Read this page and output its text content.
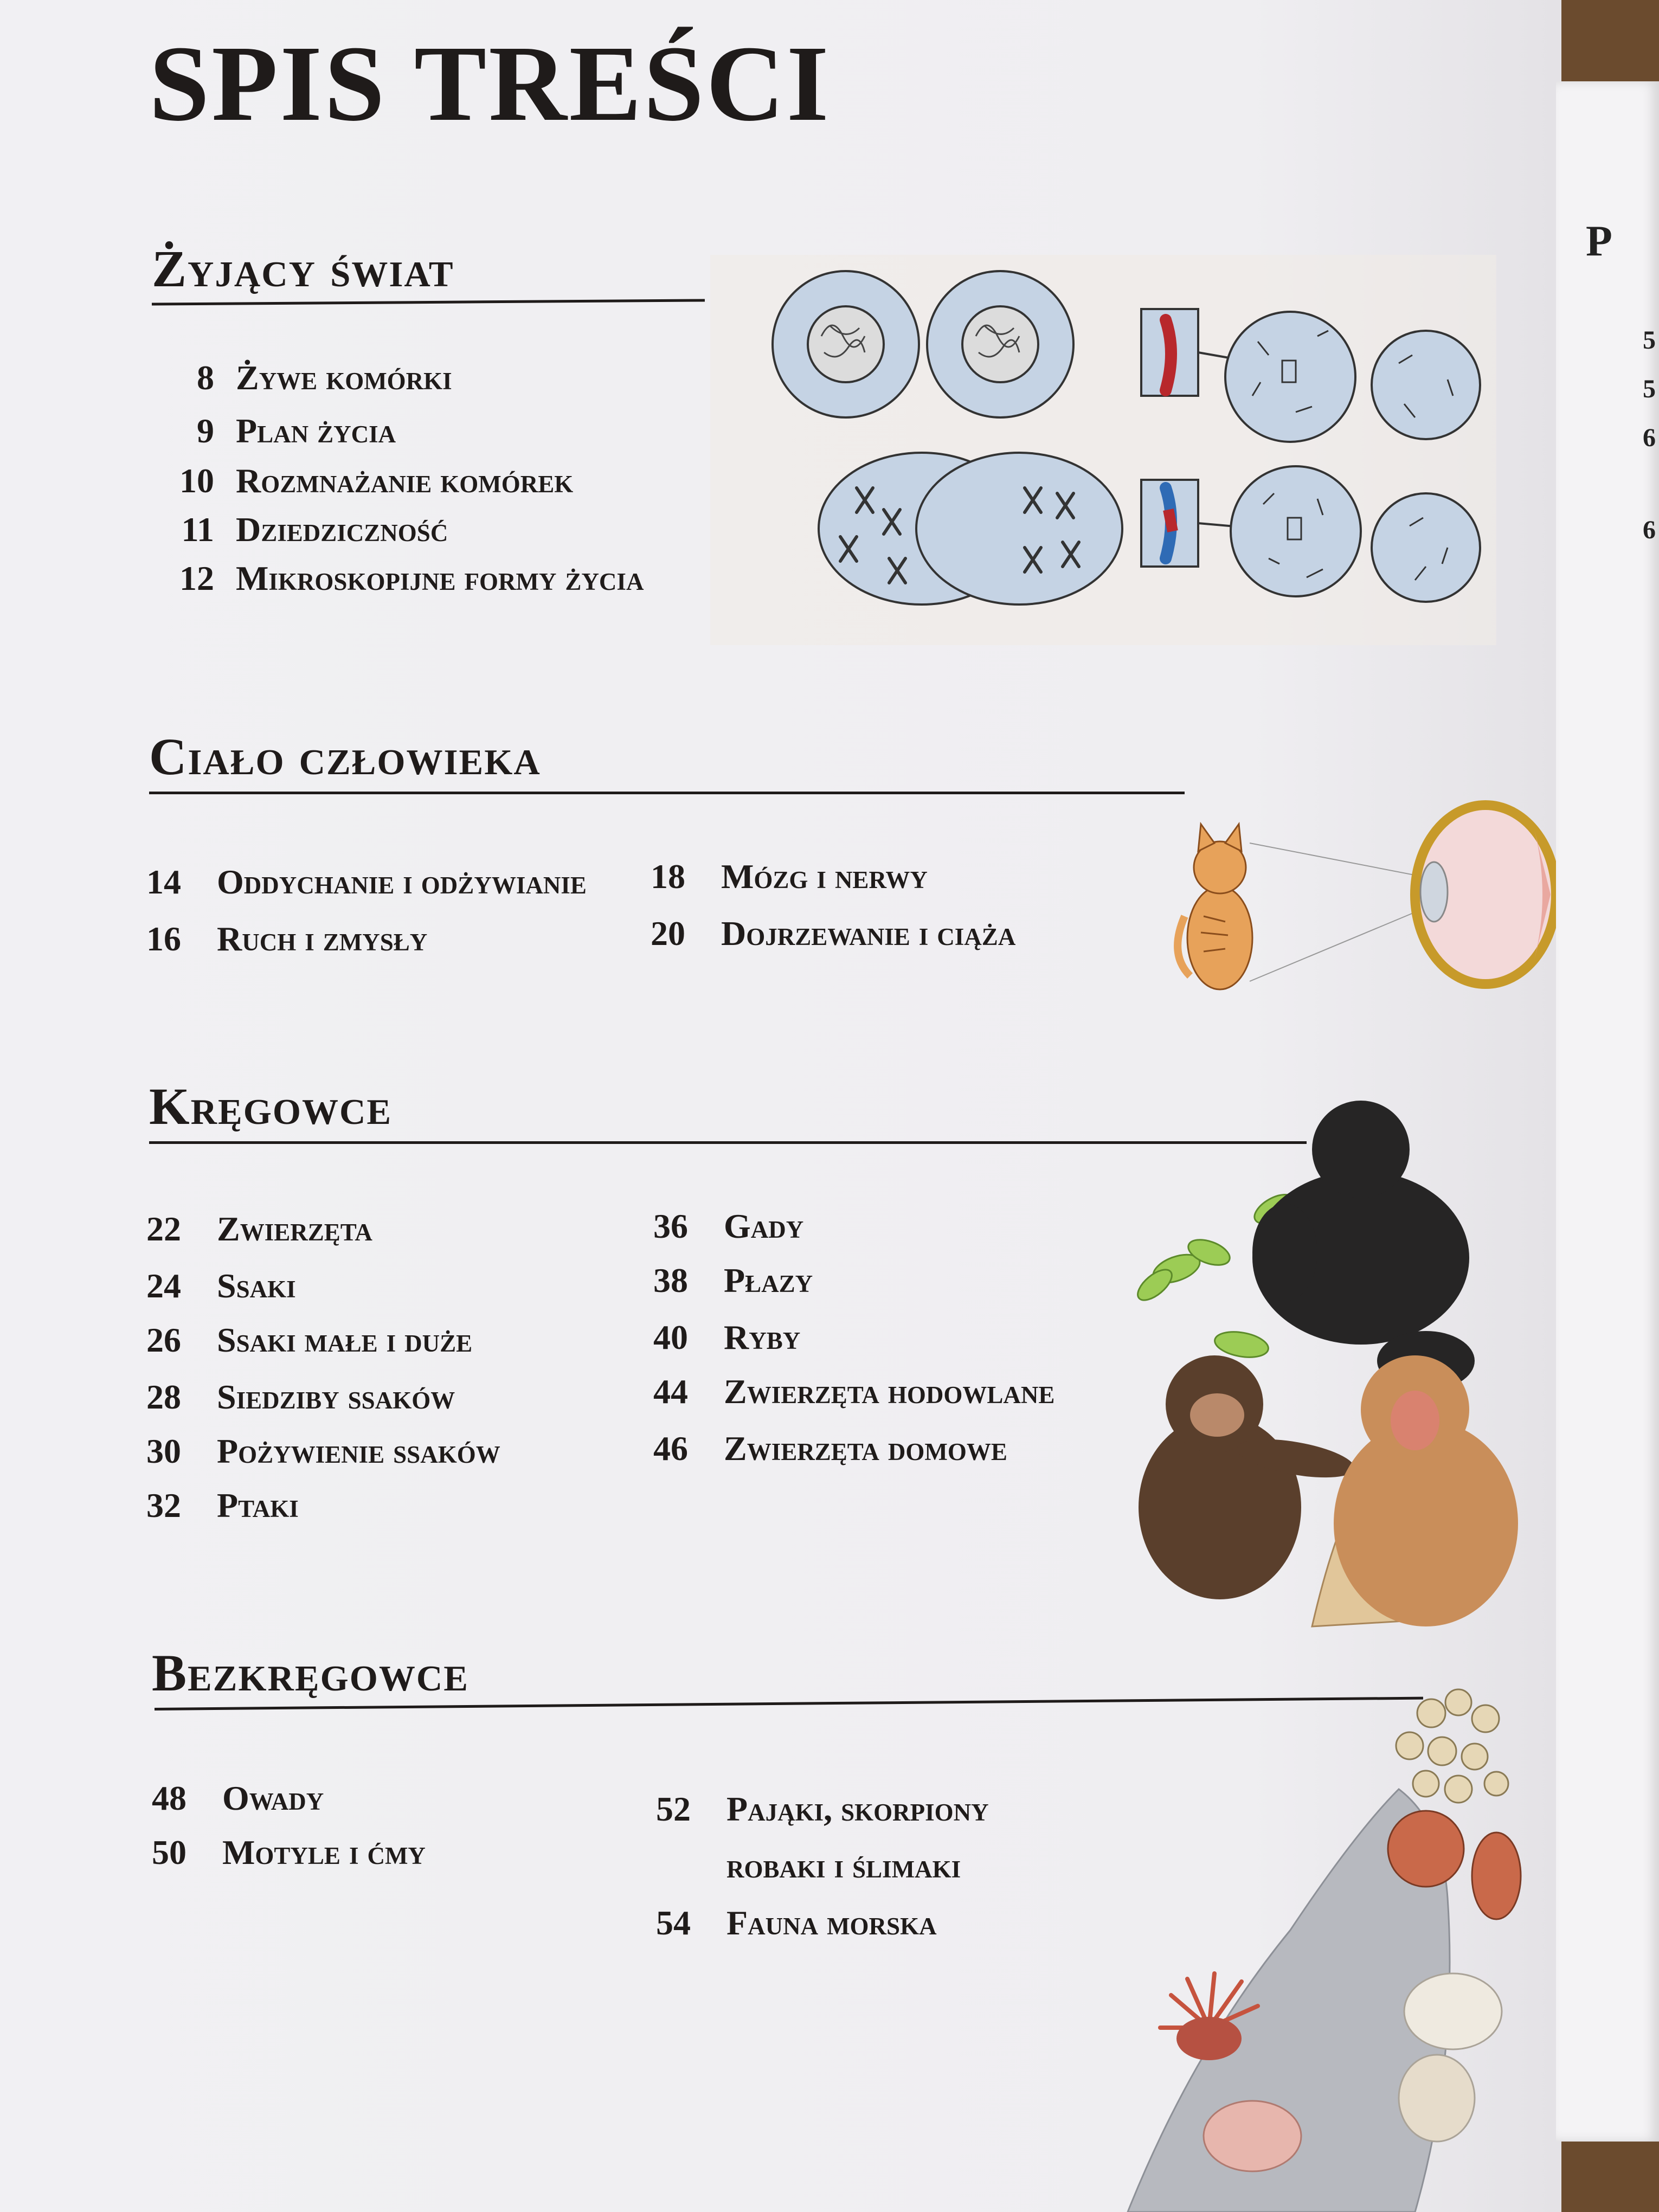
SPIS TREŚCI
Żyjący świat
8 Żywe komórki
9 Plan życia
10 Rozmnażanie komórek
11 Dziedziczność
12 Mikroskopijne formy życia
Ciało człowieka
14 Oddychanie i odżywianie
16 Ruch i zmysły
18 Mózg i nerwy
20 Dojrzewanie i ciąża
Kręgowce
22 Zwierzęta
24 Ssaki
26 Ssaki małe i duże
28 Siedziby ssaków
30 Pożywienie ssaków
32 Ptaki
36 Gady
38 Płazy
40 Ryby
44 Zwierzęta hodowlane
46 Zwierzęta domowe
Bezkręgowce
48 Owady
50 Motyle i ćmy
52 Pająki, skorpiony
robaki i ślimaki
54 Fauna morska
P
5
5
6
6
